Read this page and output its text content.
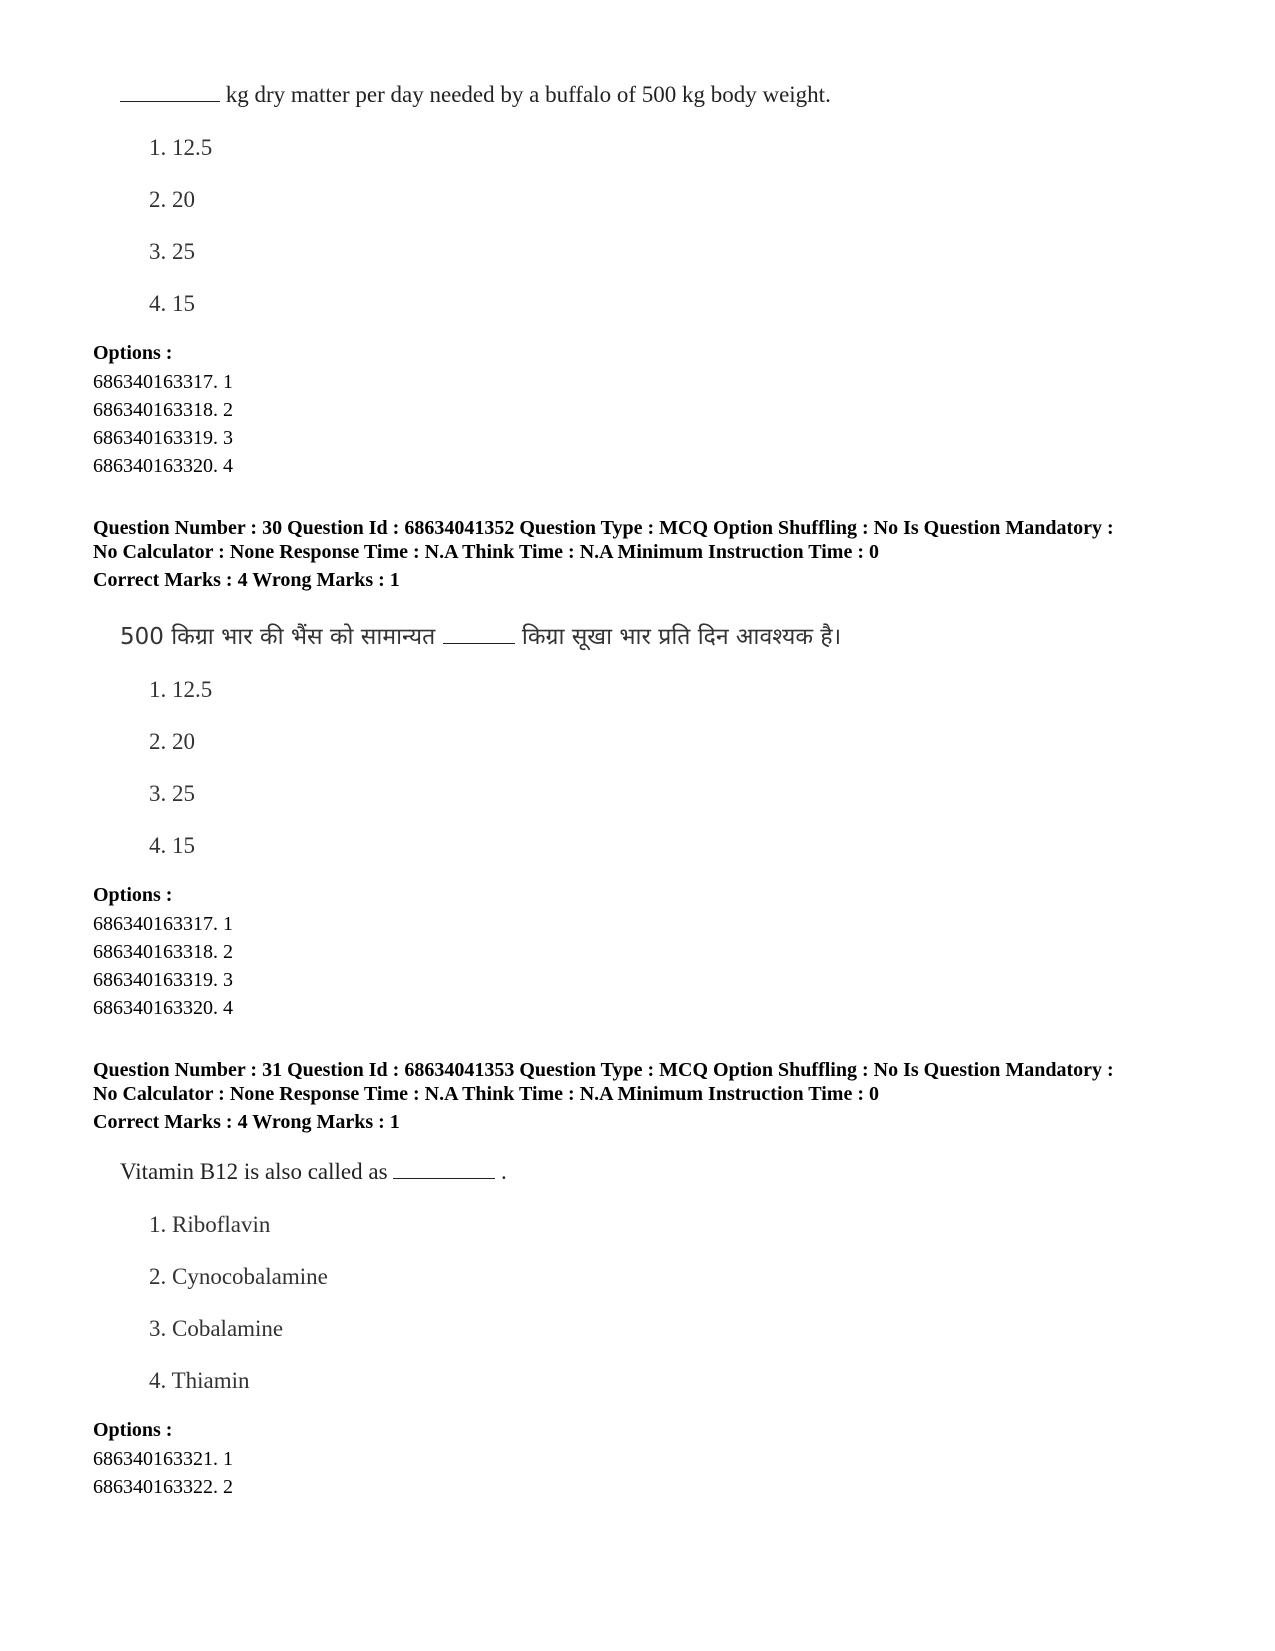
kg dry matter per day needed by a buffalo of 500 kg body weight.
1. 12.5
2. 20
3. 25
4. 15
Options :
686340163317. 1
686340163318. 2
686340163319. 3
686340163320. 4
Question Number : 30 Question Id : 68634041352 Question Type : MCQ Option Shuffling : No Is Question Mandatory :
No Calculator : None Response Time : N.A Think Time : N.A Minimum Instruction Time : 0
Correct Marks : 4 Wrong Marks : 1
500 किग्रा भार की भैंस को सामान्यत	किग्रा सूखा भार प्रति दिन आवश्यक है।
1. 12.5
2. 20
3. 25
4. 15
Options :
686340163317. 1
686340163318. 2
686340163319. 3
686340163320. 4
Question Number : 31 Question Id : 68634041353 Question Type : MCQ Option Shuffling : No Is Question Mandatory :
No Calculator : None Response Time : N.A Think Time : N.A Minimum Instruction Time : 0
Correct Marks : 4 Wrong Marks : 1
Vitamin B12 is also called as	.
1. Riboflavin
2. Cynocobalamine
3. Cobalamine
4. Thiamin
Options :
686340163321. 1
686340163322. 2
